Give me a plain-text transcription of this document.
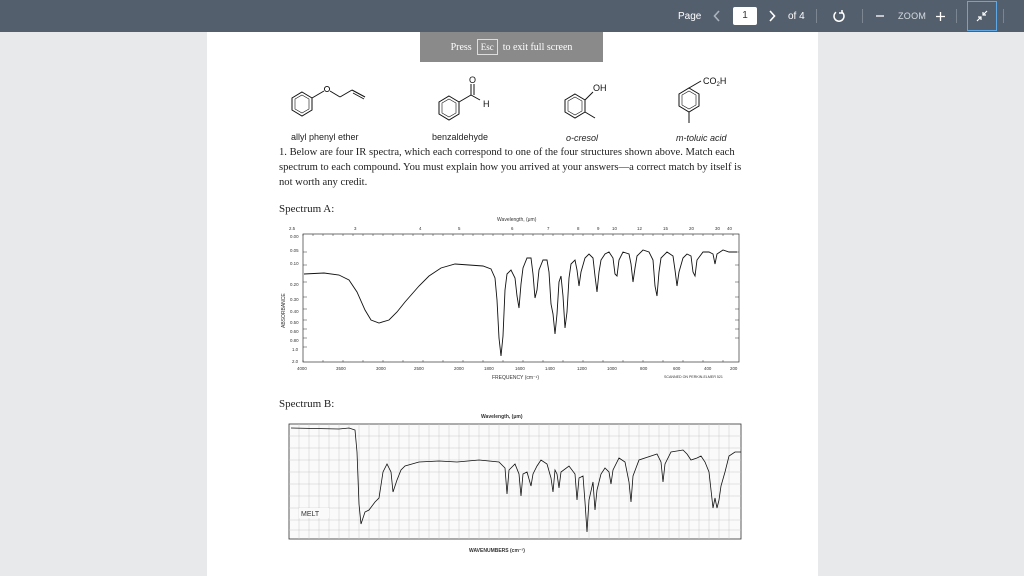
Page	1	of 4	ZOOM
Press	Esc to exit full screen
O
H
OH
$CO_2H$
allyl phenyl ether	benzaldehyde	o-cresol	m-toluic acid
1. Below are four IR spectra, which each correspond to one of the four structures shown above. Match each spectrum to each compound. You must explain how you arrived at your answers—a correct match by itself is not worth any credit.
Spectrum A:
Wavelength, (μm)
2.5	3	4	5	6	7	8	9	10	12	15	20	30 40
ABSORBANCE
0.00
0.05
0.10
0.20
0.30
0.40
0.50
0.60
0.80
1.0
2.0
4000	3500	3000	2500	2000	1800	1600	1400	1200	1000	800	600	400	200
FREQUENCY (cm⁻¹)	SCANNED ON PERKIN-ELMER 521
Spectrum B:
Wavelength, (μm)
MELT
WAVENUMBERS (cm⁻¹)
